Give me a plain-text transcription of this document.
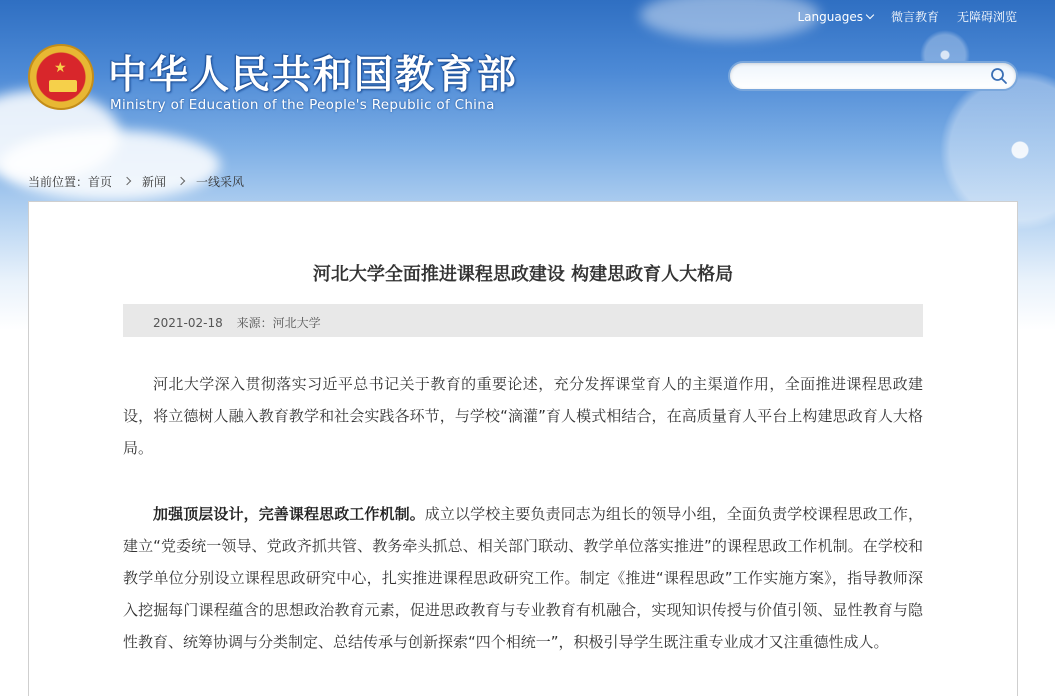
Languages 微言教育 无障碍浏览
★ 中华人民共和国教育部
Ministry of Education of the People's Republic of China
当前位置： 首页	新闻	一线采风
河北大学全面推进课程思政建设 构建思政育人大格局
2021-02-18 来源：河北大学

河北大学深入贯彻落实习近平总书记关于教育的重要论述，充分发挥课堂育人的主渠道作用，全面推进课程思政建设，将立德树人融入教育教学和社会实践各环节，与学校“滴灌”育人模式相结合，在高质量育人平台上构建思政育人大格局。

加强顶层设计，完善课程思政工作机制。成立以学校主要负责同志为组长的领导小组，全面负责学校课程思政工作，建立“党委统一领导、党政齐抓共管、教务牵头抓总、相关部门联动、教学单位落实推进”的课程思政工作机制。在学校和教学单位分别设立课程思政研究中心，扎实推进课程思政研究工作。制定《推进“课程思政”工作实施方案》，指导教师深入挖掘每门课程蕴含的思想政治教育元素，促进思政教育与专业教育有机融合，实现知识传授与价值引领、显性教育与隐性教育、统筹协调与分类制定、总结传承与创新探索“四个相统一”，积极引导学生既注重专业成才又注重德性成人。
